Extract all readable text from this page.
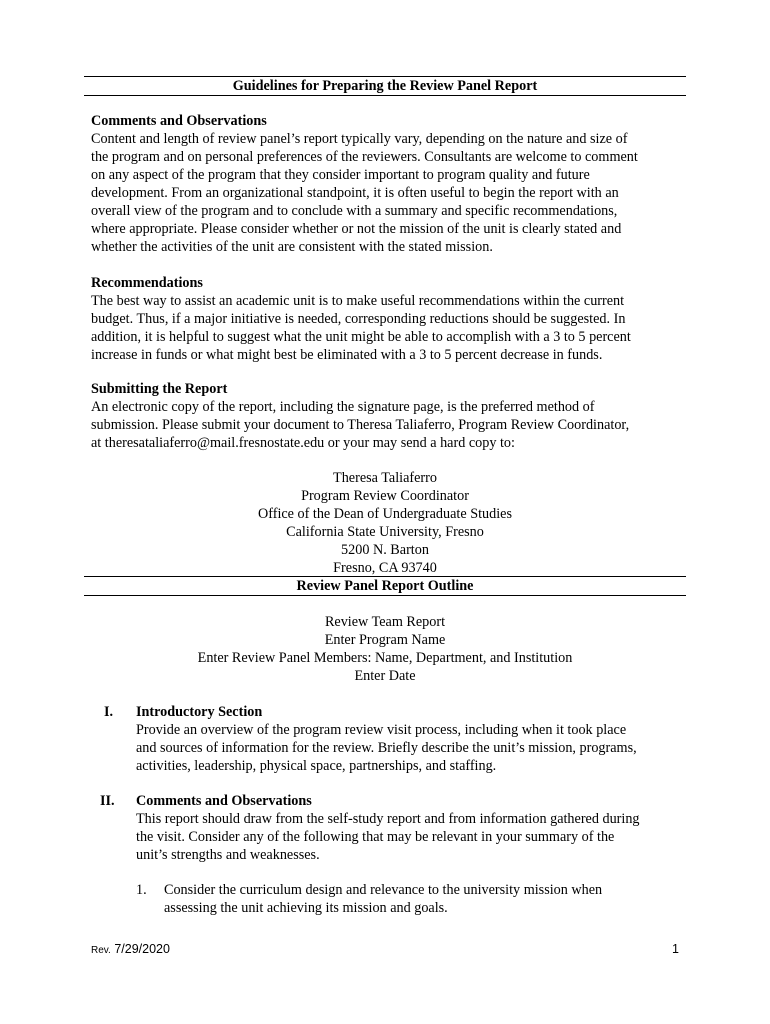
Guidelines for Preparing the Review Panel Report
Comments and Observations
Content and length of review panel’s report typically vary, depending on the nature and size of
the program and on personal preferences of the reviewers. Consultants are welcome to comment
on any aspect of the program that they consider important to program quality and future
development. From an organizational standpoint, it is often useful to begin the report with an
overall view of the program and to conclude with a summary and specific recommendations,
where appropriate. Please consider whether or not the mission of the unit is clearly stated and
whether the activities of the unit are consistent with the stated mission.
Recommendations
The best way to assist an academic unit is to make useful recommendations within the current
budget. Thus, if a major initiative is needed, corresponding reductions should be suggested. In
addition, it is helpful to suggest what the unit might be able to accomplish with a 3 to 5 percent
increase in funds or what might best be eliminated with a 3 to 5 percent decrease in funds.
Submitting the Report
An electronic copy of the report, including the signature page, is the preferred method of
submission. Please submit your document to Theresa Taliaferro, Program Review Coordinator,
at theresataliaferro@mail.fresnostate.edu or your may send a hard copy to:
Theresa Taliaferro
Program Review Coordinator
Office of the Dean of Undergraduate Studies
California State University, Fresno
5200 N. Barton
Fresno, CA 93740
Review Panel Report Outline
Review Team Report
Enter Program Name
Enter Review Panel Members: Name, Department, and Institution
Enter Date
I. Introductory Section
Provide an overview of the program review visit process, including when it took place
and sources of information for the review. Briefly describe the unit’s mission, programs,
activities, leadership, physical space, partnerships, and staffing.
II. Comments and Observations
This report should draw from the self-study report and from information gathered during
the visit. Consider any of the following that may be relevant in your summary of the
unit’s strengths and weaknesses.
1. Consider the curriculum design and relevance to the university mission when
assessing the unit achieving its mission and goals.
Rev. 7/29/2020	1
